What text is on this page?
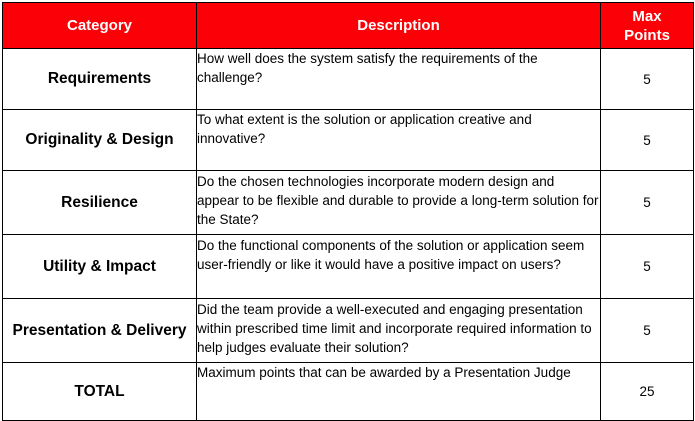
Category	Description	Max
Points
Requirements	How well does the system satisfy the requirements of the challenge?	5
Originality & Design	To what extent is the solution or application creative and innovative?	5
Resilience	Do the chosen technologies incorporate modern design and appear to be flexible and durable to provide a long-term solution for the State?	5
Utility & Impact	Do the functional components of the solution or application seem user-friendly or like it would have a positive impact on users?	5
Presentation & Delivery	Did the team provide a well-executed and engaging presentation within prescribed time limit and incorporate required information to help judges evaluate their solution?	5
TOTAL	Maximum points that can be awarded by a Presentation Judge	25
